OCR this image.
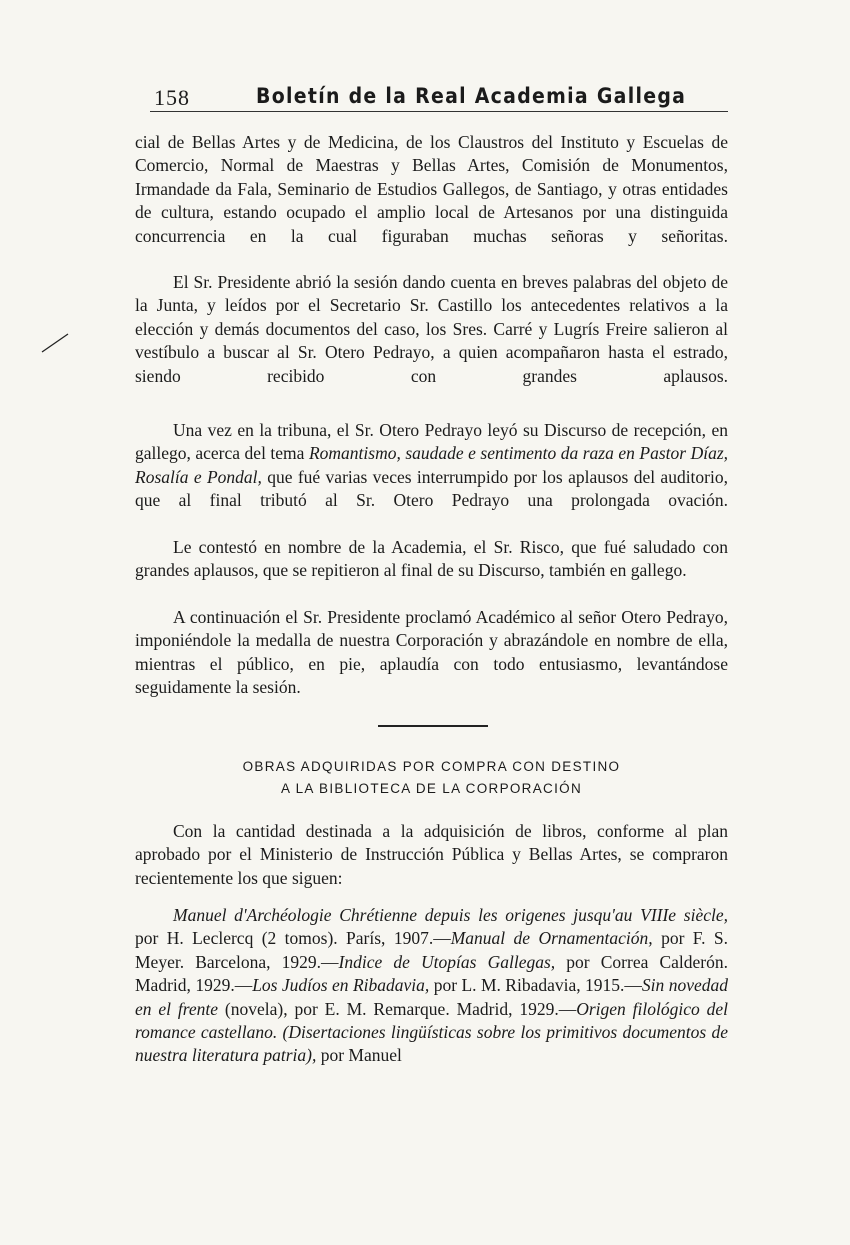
158	Boletín de la Real Academia Gallega

cial de Bellas Artes y de Medicina, de los Claustros del Instituto y Escuelas de Comercio, Normal de Maestras y Bellas Artes, Comisión de Monumentos, Irmandade da Fala, Seminario de Estudios Gallegos, de Santiago, y otras entidades de cultura, estando ocupado el amplio local de Artesanos por una distinguida concurrencia en la cual figuraban muchas señoras y señoritas.

El Sr. Presidente abrió la sesión dando cuenta en breves palabras del objeto de la Junta, y leídos por el Secretario Sr. Castillo los antecedentes relativos a la elección y demás documentos del caso, los Sres. Carré y Lugrís Freire salieron al vestíbulo a buscar al Sr. Otero Pedrayo, a quien acompañaron hasta el estrado, siendo recibido con grandes aplausos.

Una vez en la tribuna, el Sr. Otero Pedrayo leyó su Discurso de recepción, en gallego, acerca del tema Romantismo, saudade e sentimento da raza en Pastor Díaz, Rosalía e Pondal, que fué varias veces interrumpido por los aplausos del auditorio, que al final tributó al Sr. Otero Pedrayo una prolongada ovación.

Le contestó en nombre de la Academia, el Sr. Risco, que fué saludado con grandes aplausos, que se repitieron al final de su Discurso, también en gallego.

A continuación el Sr. Presidente proclamó Académico al señor Otero Pedrayo, imponiéndole la medalla de nuestra Corporación y abrazándole en nombre de ella, mientras el público, en pie, aplaudía con todo entusiasmo, levantándose seguidamente la sesión.

OBRAS ADQUIRIDAS POR COMPRA CON DESTINO
A LA BIBLIOTECA DE LA CORPORACIÓN

Con la cantidad destinada a la adquisición de libros, conforme al plan aprobado por el Ministerio de Instrucción Pública y Bellas Artes, se compraron recientemente los que siguen:

Manuel d'Archéologie Chrétienne depuis les origenes jusqu'au VIIIe siècle, por H. Leclercq (2 tomos). París, 1907.—Manual de Ornamentación, por F. S. Meyer. Barcelona, 1929.—Indice de Utopías Gallegas, por Correa Calderón. Madrid, 1929.—Los Judíos en Ribadavia, por L. M. Ribadavia, 1915.—Sin novedad en el frente (novela), por E. M. Remarque. Madrid, 1929.—Origen filológico del romance castellano. (Disertaciones lingüísticas sobre los primitivos documentos de nuestra literatura patria), por Manuel
